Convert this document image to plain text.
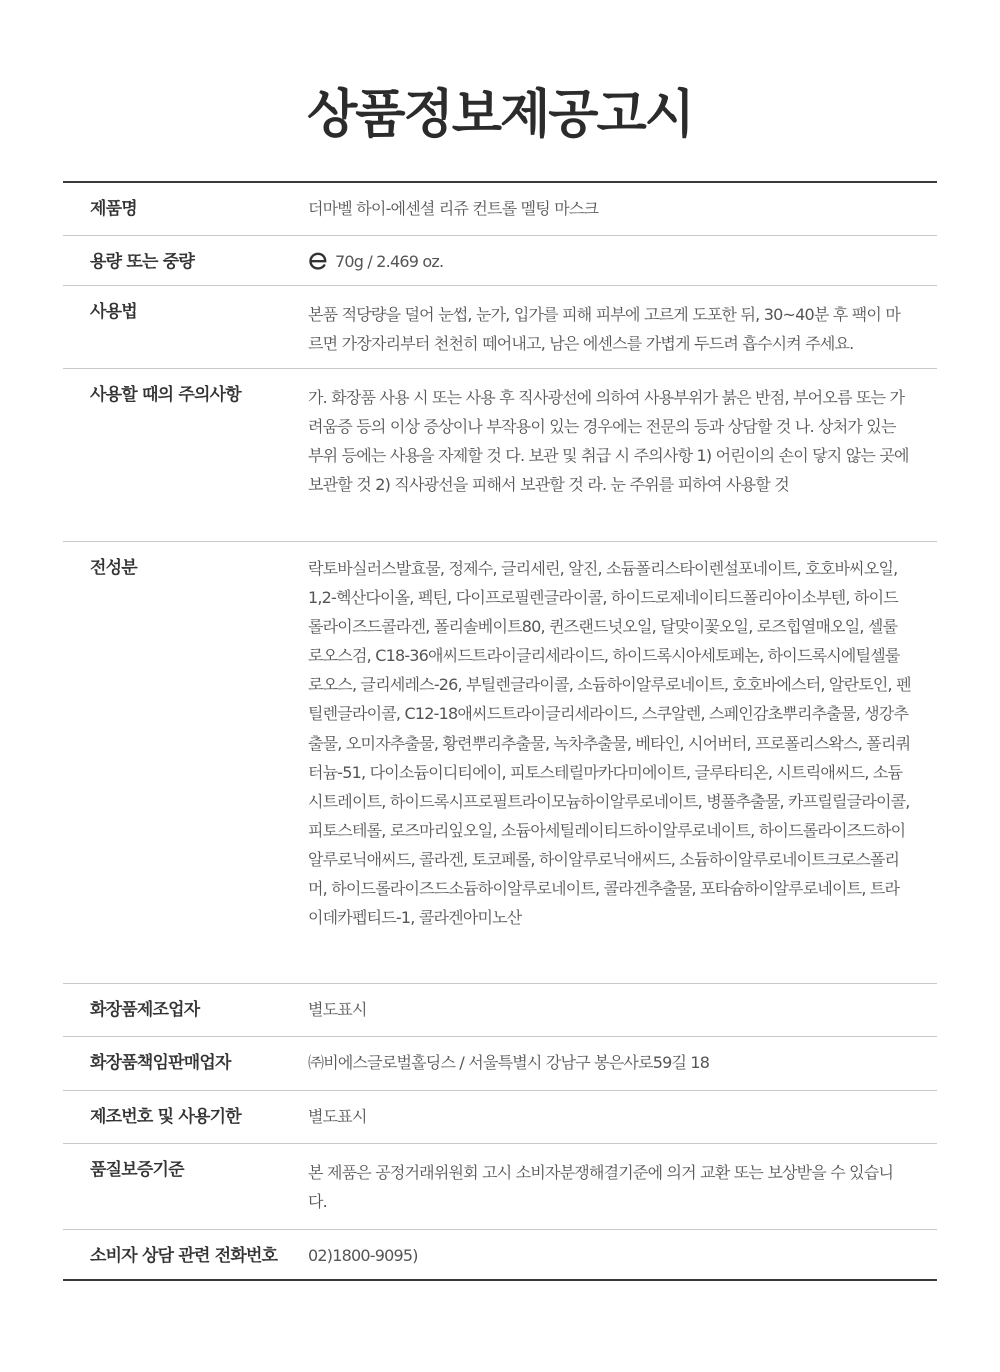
상품정보제공고시
제품명	더마벨 하이-에센셜 리쥬 컨트롤 멜팅 마스크
용량 또는 중량	70g / 2.469 oz.
사용법	본품 적당량을 덜어 눈썹, 눈가, 입가를 피해 피부에 고르게 도포한 뒤, 30~40분 후 팩이 마르면 가장자리부터 천천히 떼어내고, 남은 에센스를 가볍게 두드려 흡수시켜 주세요.
사용할 때의 주의사항	가. 화장품 사용 시 또는 사용 후 직사광선에 의하여 사용부위가 붉은 반점, 부어오름 또는 가려움증 등의 이상 증상이나 부작용이 있는 경우에는 전문의 등과 상담할 것 나. 상처가 있는 부위 등에는 사용을 자제할 것 다. 보관 및 취급 시 주의사항 1) 어린이의 손이 닿지 않는 곳에 보관할 것 2) 직사광선을 피해서 보관할 것 라. 눈 주위를 피하여 사용할 것
전성분	락토바실러스발효물, 정제수, 글리세린, 알진, 소듐폴리스타이렌설포네이트, 호호바씨오일, 1,2-헥산다이올, 펙틴, 다이프로필렌글라이콜, 하이드로제네이티드폴리아이소부텐, 하이드롤라이즈드콜라겐, 폴리솔베이트80, 퀸즈랜드넛오일, 달맞이꽃오일, 로즈힙열매오일, 셀룰로오스검, C18-36애씨드트라이글리세라이드, 하이드록시아세토페논, 하이드록시에틸셀룰로오스, 글리세레스-26, 부틸렌글라이콜, 소듐하이알루로네이트, 호호바에스터, 알란토인, 펜틸렌글라이콜, C12-18애씨드트라이글리세라이드, 스쿠알렌, 스페인감초뿌리추출물, 생강추출물, 오미자추출물, 황련뿌리추출물, 녹차추출물, 베타인, 시어버터, 프로폴리스왁스, 폴리쿼터늄-51, 다이소듐이디티에이, 피토스테릴마카다미에이트, 글루타티온, 시트릭애씨드, 소듐시트레이트, 하이드록시프로필트라이모늄하이알루로네이트, 병풀추출물, 카프릴릴글라이콜, 피토스테롤, 로즈마리잎오일, 소듐아세틸레이티드하이알루로네이트, 하이드롤라이즈드하이알루로닉애씨드, 콜라겐, 토코페롤, 하이알루로닉애씨드, 소듐하이알루로네이트크로스폴리머, 하이드롤라이즈드소듐하이알루로네이트, 콜라겐추출물, 포타슘하이알루로네이트, 트라이데카펩티드-1, 콜라겐아미노산
화장품제조업자	별도표시
화장품책임판매업자	㈜비에스글로벌홀딩스 / 서울특별시 강남구 봉은사로59길 18
제조번호 및 사용기한	별도표시
품질보증기준	본 제품은 공정거래위원회 고시 소비자분쟁해결기준에 의거 교환 또는 보상받을 수 있습니다.
소비자 상담 관련 전화번호	02)1800-9095)
